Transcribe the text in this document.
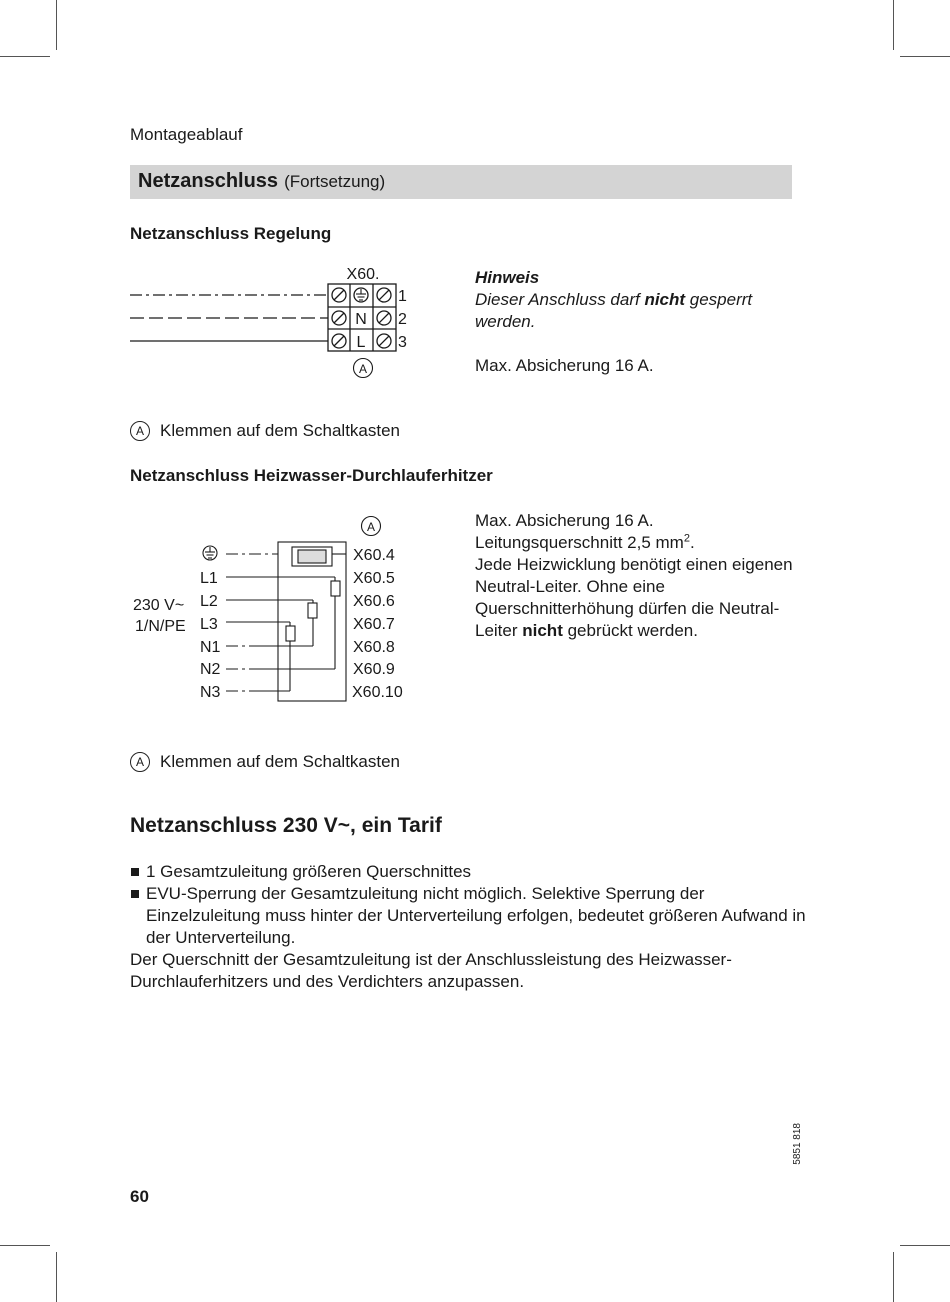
Montageablauf
Netzanschluss (Fortsetzung)
Netzanschluss Regelung
X60.
N
L
1
2
3
A
Hinweis
Dieser Anschluss darf nicht gesperrt werden.
Max. Absicherung 16 A.
A Klemmen auf dem Schaltkasten
Netzanschluss Heizwasser-Durchlauferhitzer
A
230 V~
1/N/PE
L1
L2
L3
N1
N2
N3
X60.4
X60.5
X60.6
X60.7
X60.8
X60.9
X60.10
Max. Absicherung 16 A.
Leitungsquerschnitt 2,5 $mm^2$.
Jede Heizwicklung benötigt einen eigenen Neutral-Leiter. Ohne eine Querschnitterhöhung dürfen die Neutral-Leiter nicht gebrückt werden.
A Klemmen auf dem Schaltkasten
Netzanschluss 230 V~, ein Tarif
1 Gesamtzuleitung größeren Querschnittes
EVU-Sperrung der Gesamtzuleitung nicht möglich. Selektive Sperrung der Einzelzuleitung muss hinter der Unterverteilung erfolgen, bedeutet größeren Aufwand in der Unterverteilung.
Der Querschnitt der Gesamtzuleitung ist der Anschlussleistung des Heizwasser-Durchlauferhitzers und des Verdichters anzupassen.
5851 818
60
